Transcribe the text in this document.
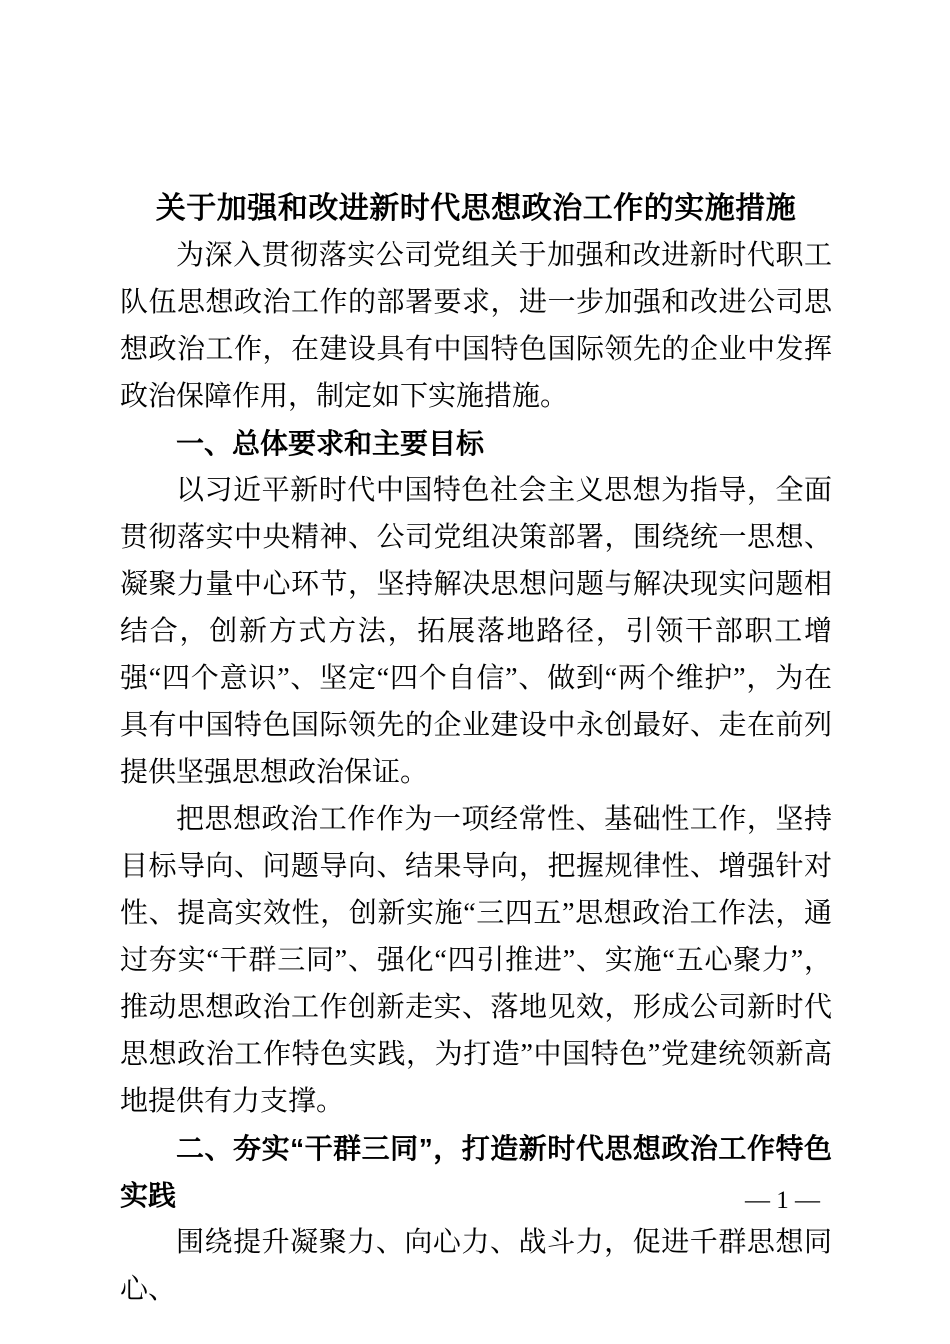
关于加强和改进新时代思想政治工作的实施措施

为深入贯彻落实公司党组关于加强和改进新时代职工队伍思想政治工作的部署要求，进一步加强和改进公司思想政治工作，在建设具有中国特色国际领先的企业中发挥政治保障作用，制定如下实施措施。

一、总体要求和主要目标

以习近平新时代中国特色社会主义思想为指导，全面贯彻落实中央精神、公司党组决策部署，围绕统一思想、凝聚力量中心环节，坚持解决思想问题与解决现实问题相结合，创新方式方法，拓展落地路径，引领干部职工增强“四个意识”、坚定“四个自信”、做到“两个维护”，为在具有中国特色国际领先的企业建设中永创最好、走在前列提供坚强思想政治保证。

把思想政治工作作为一项经常性、基础性工作，坚持目标导向、问题导向、结果导向，把握规律性、增强针对性、提高实效性，创新实施“三四五”思想政治工作法，通过夯实“干群三同”、强化“四引推进”、实施“五心聚力”，推动思想政治工作创新走实、落地见效，形成公司新时代思想政治工作特色实践，为打造”中国特色”党建统领新高地提供有力支撑。

二、夯实“干群三同”，打造新时代思想政治工作特色实践

围绕提升凝聚力、向心力、战斗力，促进千群思想同心、

— 1 —
